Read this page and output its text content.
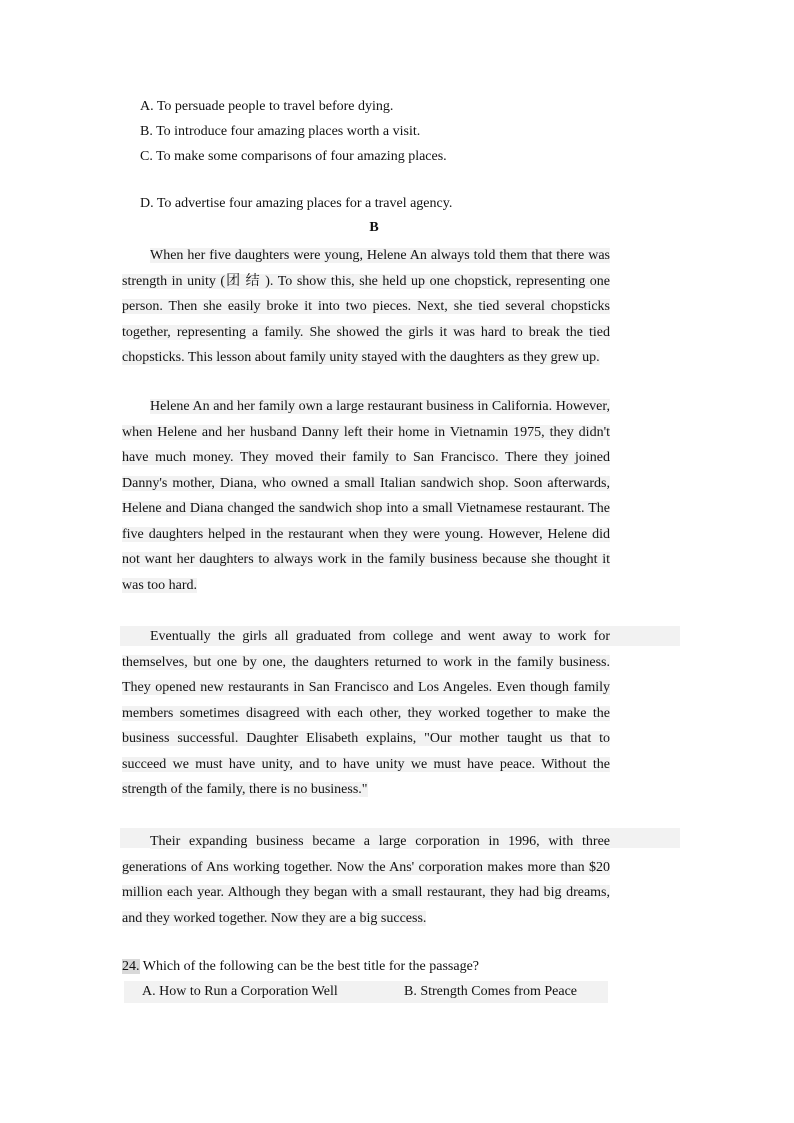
A. To persuade people to travel before dying.
B. To introduce four amazing places worth a visit.
C. To make some comparisons of four amazing places.
D. To advertise four amazing places for a travel agency.
B
When her five daughters were young, Helene An always told them that there was strength in unity (团 结 ). To show this, she held up one chopstick, representing one person. Then she easily broke it into two pieces. Next, she tied several chopsticks together, representing a family. She showed the girls it was hard to break the tied chopsticks. This lesson about family unity stayed with the daughters as they grew up.
Helene An and her family own a large restaurant business in California. However, when Helene and her husband Danny left their home in Vietnamin 1975, they didn't have much money. They moved their family to San Francisco. There they joined Danny's mother, Diana, who owned a small Italian sandwich shop. Soon afterwards, Helene and Diana changed the sandwich shop into a small Vietnamese restaurant. The five daughters helped in the restaurant when they were young. However, Helene did not want her daughters to always work in the family business because she thought it was too hard.
Eventually the girls all graduated from college and went away to work for themselves, but one by one, the daughters returned to work in the family business. They opened new restaurants in San Francisco and Los Angeles. Even though family members sometimes disagreed with each other, they worked together to make the business successful. Daughter Elisabeth explains, "Our mother taught us that to succeed we must have unity, and to have unity we must have peace. Without the strength of the family, there is no business."
Their expanding business became a large corporation in 1996, with three generations of Ans working together. Now the Ans' corporation makes more than $20 million each year. Although they began with a small restaurant, they had big dreams, and they worked together. Now they are a big success.
24. Which of the following can be the best title for the passage?
A. How to Run a Corporation Well	B. Strength Comes from Peace
